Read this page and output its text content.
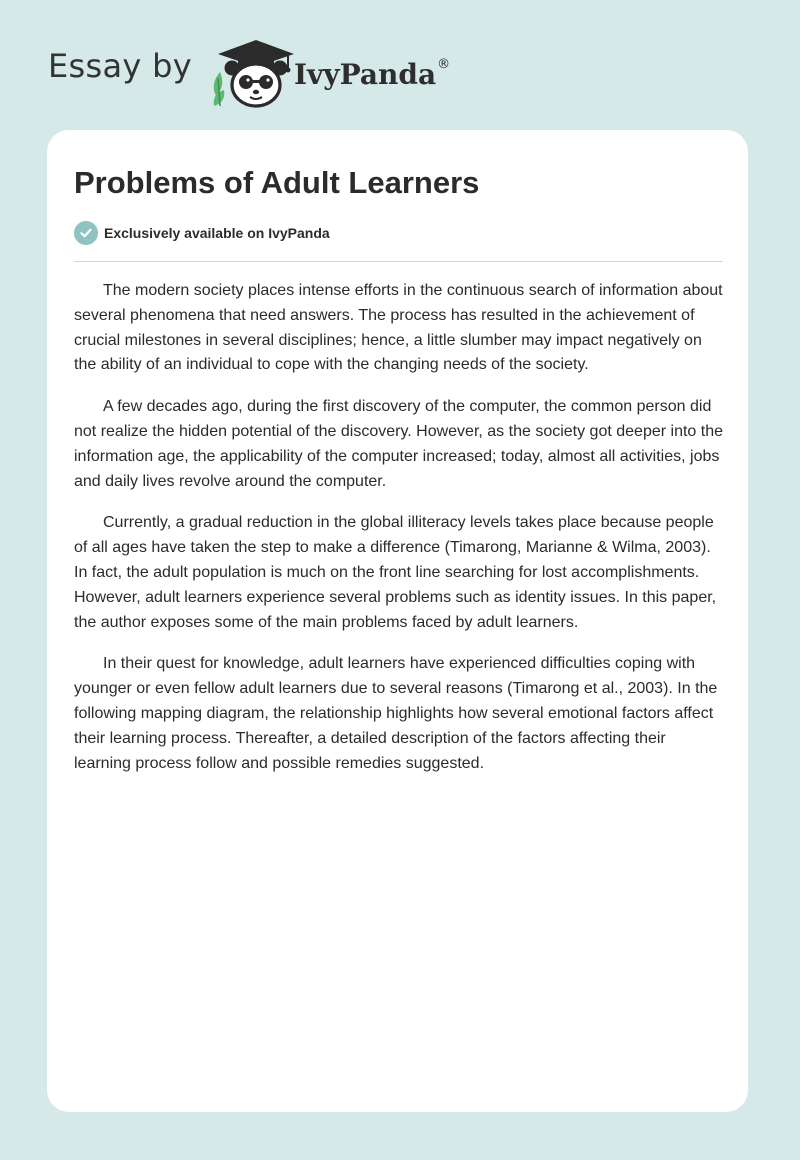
Essay by	IvyPanda ®
Problems of Adult Learners
Exclusively available on IvyPanda

The modern society places intense efforts in the continuous search of information about several phenomena that need answers. The process has resulted in the achievement of crucial milestones in several disciplines; hence, a little slumber may impact negatively on the ability of an individual to cope with the changing needs of the society.

A few decades ago, during the first discovery of the computer, the common person did not realize the hidden potential of the discovery. However, as the society got deeper into the information age, the applicability of the computer increased; today, almost all activities, jobs and daily lives revolve around the computer.

Currently, a gradual reduction in the global illiteracy levels takes place because people of all ages have taken the step to make a difference (Timarong, Marianne & Wilma, 2003). In fact, the adult population is much on the front line searching for lost accomplishments. However, adult learners experience several problems such as identity issues. In this paper, the author exposes some of the main problems faced by adult learners.

In their quest for knowledge, adult learners have experienced difficulties coping with younger or even fellow adult learners due to several reasons (Timarong et al., 2003). In the following mapping diagram, the relationship highlights how several emotional factors affect their learning process. Thereafter, a detailed description of the factors affecting their learning process follow and possible remedies suggested.
